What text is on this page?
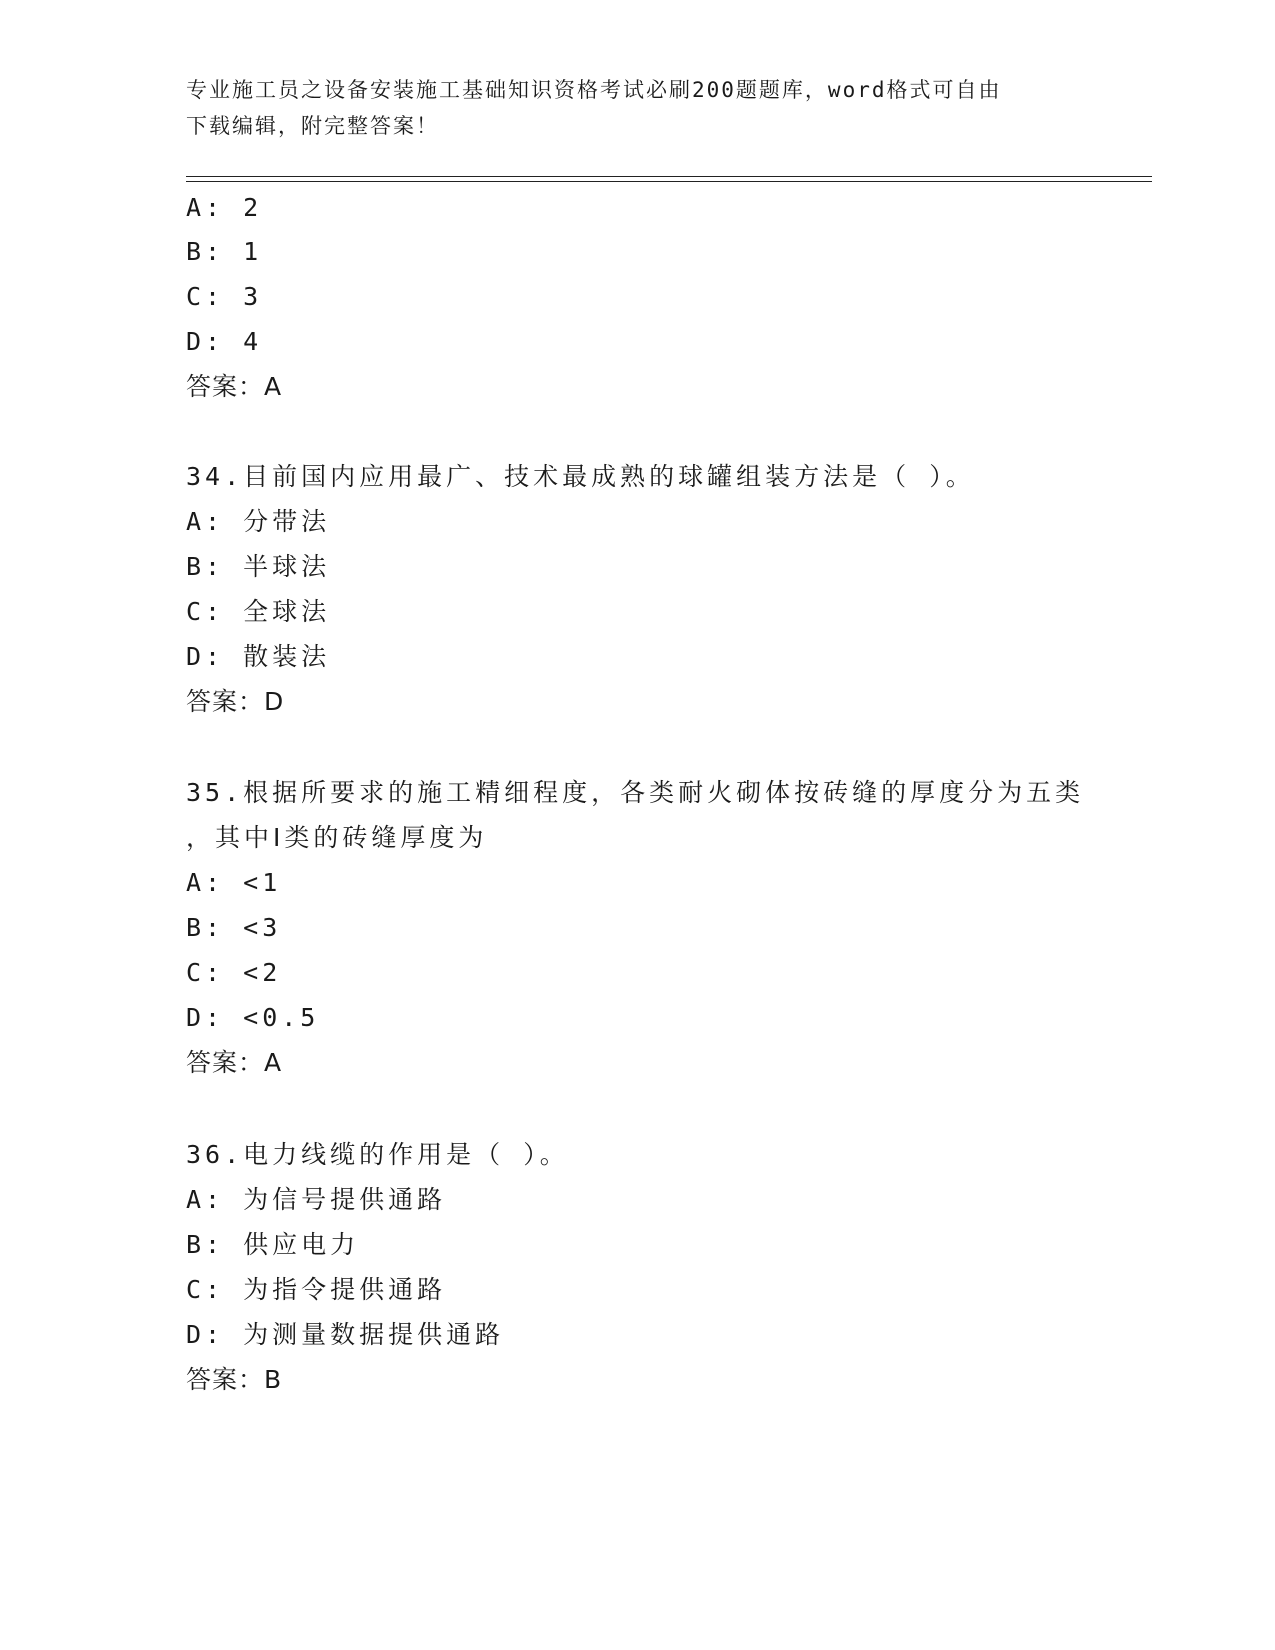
专业施工员之设备安装施工基础知识资格考试必刷200题题库，word格式可自由
下载编辑，附完整答案！
A: 2
B: 1
C: 3
D: 4
答案：A
34.目前国内应用最广、技术最成熟的球罐组装方法是（ ）。
A: 分带法
B: 半球法
C: 全球法
D: 散装法
答案：D
35.根据所要求的施工精细程度，各类耐火砌体按砖缝的厚度分为五类
，其中Ⅰ类的砖缝厚度为
A: <1
B: <3
C: <2
D: <0.5
答案：A
36.电力线缆的作用是（ ）。
A: 为信号提供通路
B: 供应电力
C: 为指令提供通路
D: 为测量数据提供通路
答案：B
